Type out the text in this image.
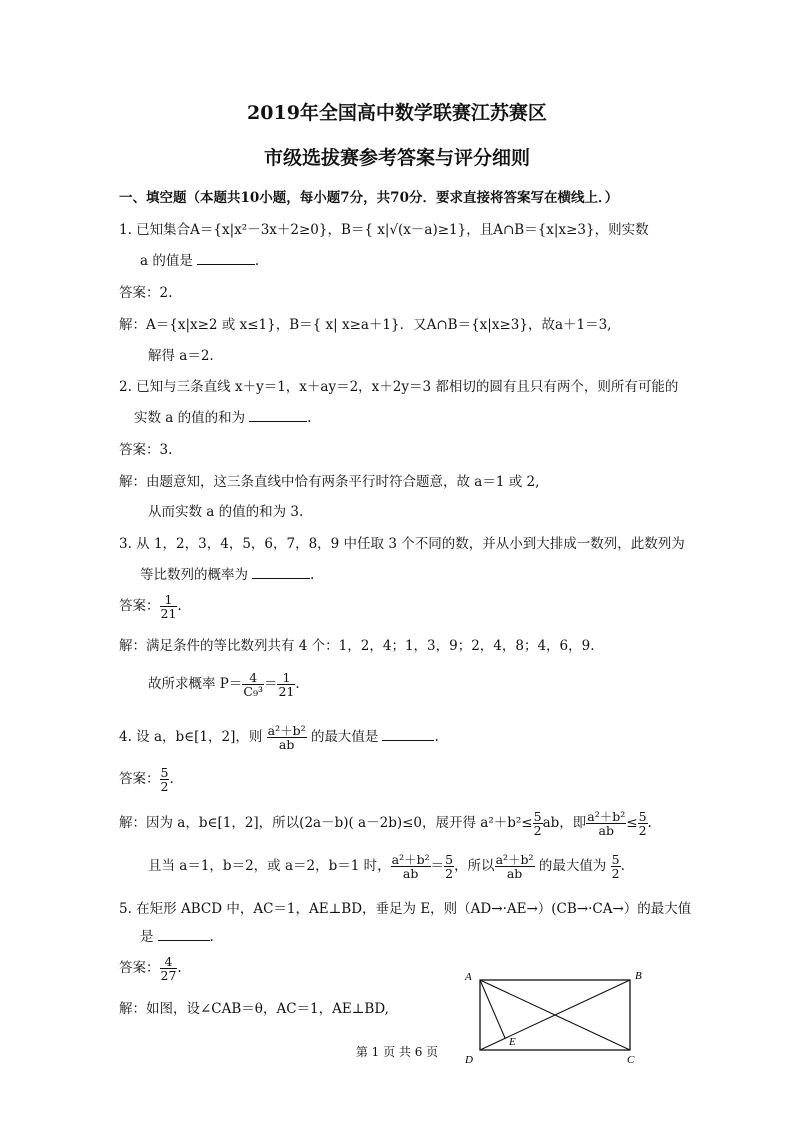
2019年全国高中数学联赛江苏赛区
市级选拔赛参考答案与评分细则
一、填空题（本题共10小题，每小题7分，共70分．要求直接将答案写在横线上．）
1. 已知集合A＝{x|x²－3x＋2≥0}，B＝{ x|√(x－a)≥1}，且A∩B＝{x|x≥3}，则实数
a 的值是	.
答案：2.
解：A＝{x|x≥2 或 x≤1}，B＝{ x| x≥a＋1}．又A∩B＝{x|x≥3}，故a＋1＝3,
解得 a＝2.
2. 已知与三条直线 x＋y＝1，x＋ay＝2，x＋2y＝3 都相切的圆有且只有两个，则所有可能的
实数 a 的值的和为	.
答案：3.
解：由题意知，这三条直线中恰有两条平行时符合题意，故 a＝1 或 2,
从而实数 a 的值的和为 3.
3. 从 1，2，3，4，5，6，7，8，9 中任取 3 个不同的数，并从小到大排成一数列，此数列为
等比数列的概率为	.
答案： $\frac{1}{21}$ .
解：满足条件的等比数列共有 4 个：1，2，4；1，3，9；2，4，8；4，6，9.
故所求概率 $P= \frac{4}{\text{C₉³}} = \frac{1}{21}$ .
4. 设 a，b∈[1，2]，则 $\frac{\text{a²＋b²}}{ab}$ 的最大值是	.
答案： $\frac{5}{2}$ .
解：因为 a，b∈[1，2]，所以(2a－b)( a－2b)≤0，展开得 $a^2+b^2\le \frac{5}{2}$ ab，即 $\frac{\text{a²＋b²}}{ab} \le \frac{5}{2}$ .
且当 a＝1，b＝2，或 a＝2，b＝1 时， $\frac{\text{a²＋b²}}{ab} = \frac{5}{2}$ ，所以 $\frac{\text{a²＋b²}}{ab}$ 的最大值为 $\frac{5}{2}$ .
5. 在矩形 ABCD 中，AC＝1，AE⊥BD，垂足为 E，则（AD→·AE→）(CB→·CA→）的最大值
是	.
答案： $\frac{4}{27}$ .
解：如图，设∠CAB＝θ，AC＝1，AE⊥BD,
A	B
C
D
E
第 1 页 共 6 页
